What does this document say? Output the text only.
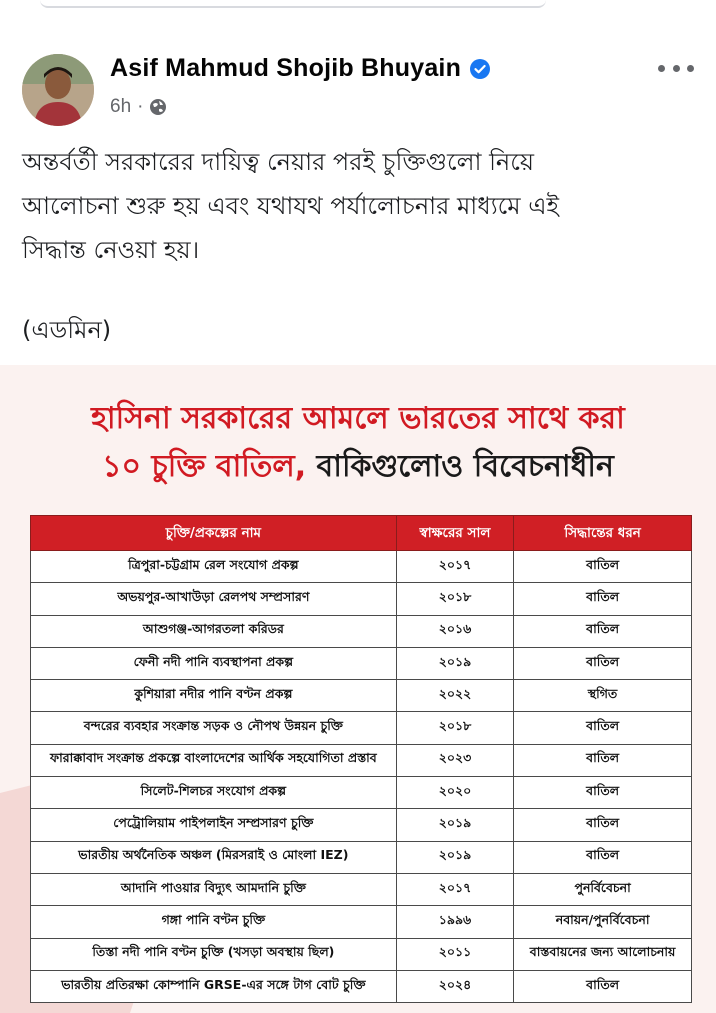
Asif Mahmud Shojib Bhuyain
6h ·

অন্তর্বর্তী সরকারের দায়িত্ব নেয়ার পরই চুক্তিগুলো নিয়ে

আলোচনা শুরু হয় এবং যথাযথ পর্যালোচনার মাধ্যমে এই

সিদ্ধান্ত নেওয়া হয়।

(এডমিন)
হাসিনা সরকারের আমলে ভারতের সাথে করা
১০ চুক্তি বাতিল, বাকিগুলোও বিবেচনাধীন
চুক্তি/প্রকল্পের নাম	স্বাক্ষরের সাল	সিদ্ধান্তের ধরন
ত্রিপুরা-চট্টগ্রাম রেল সংযোগ প্রকল্প	২০১৭	বাতিল
অভয়পুর-আখাউড়া রেলপথ সম্প্রসারণ	২০১৮	বাতিল
আশুগঞ্জ-আগরতলা করিডর	২০১৬	বাতিল
ফেনী নদী পানি ব্যবস্থাপনা প্রকল্প	২০১৯	বাতিল
কুশিয়ারা নদীর পানি বণ্টন প্রকল্প	২০২২	স্থগিত
বন্দরের ব্যবহার সংক্রান্ত সড়ক ও নৌপথ উন্নয়ন চুক্তি	২০১৮	বাতিল
ফারাক্কাবাদ সংক্রান্ত প্রকল্পে বাংলাদেশের আর্থিক সহযোগিতা প্রস্তাব	২০২৩	বাতিল
সিলেট-শিলচর সংযোগ প্রকল্প	২০২০	বাতিল
পেট্রোলিয়াম পাইপলাইন সম্প্রসারণ চুক্তি	২০১৯	বাতিল
ভারতীয় অর্থনৈতিক অঞ্চল (মিরসরাই ও মোংলা IEZ)	২০১৯	বাতিল
আদানি পাওয়ার বিদ্যুৎ আমদানি চুক্তি	২০১৭	পুনর্বিবেচনা
গঙ্গা পানি বণ্টন চুক্তি	১৯৯৬	নবায়ন/পুনর্বিবেচনা
তিস্তা নদী পানি বণ্টন চুক্তি (খসড়া অবস্থায় ছিল)	২০১১	বাস্তবায়নের জন্য আলোচনায়
ভারতীয় প্রতিরক্ষা কোম্পানি GRSE-এর সঙ্গে টাগ বোট চুক্তি	২০২৪	বাতিল
